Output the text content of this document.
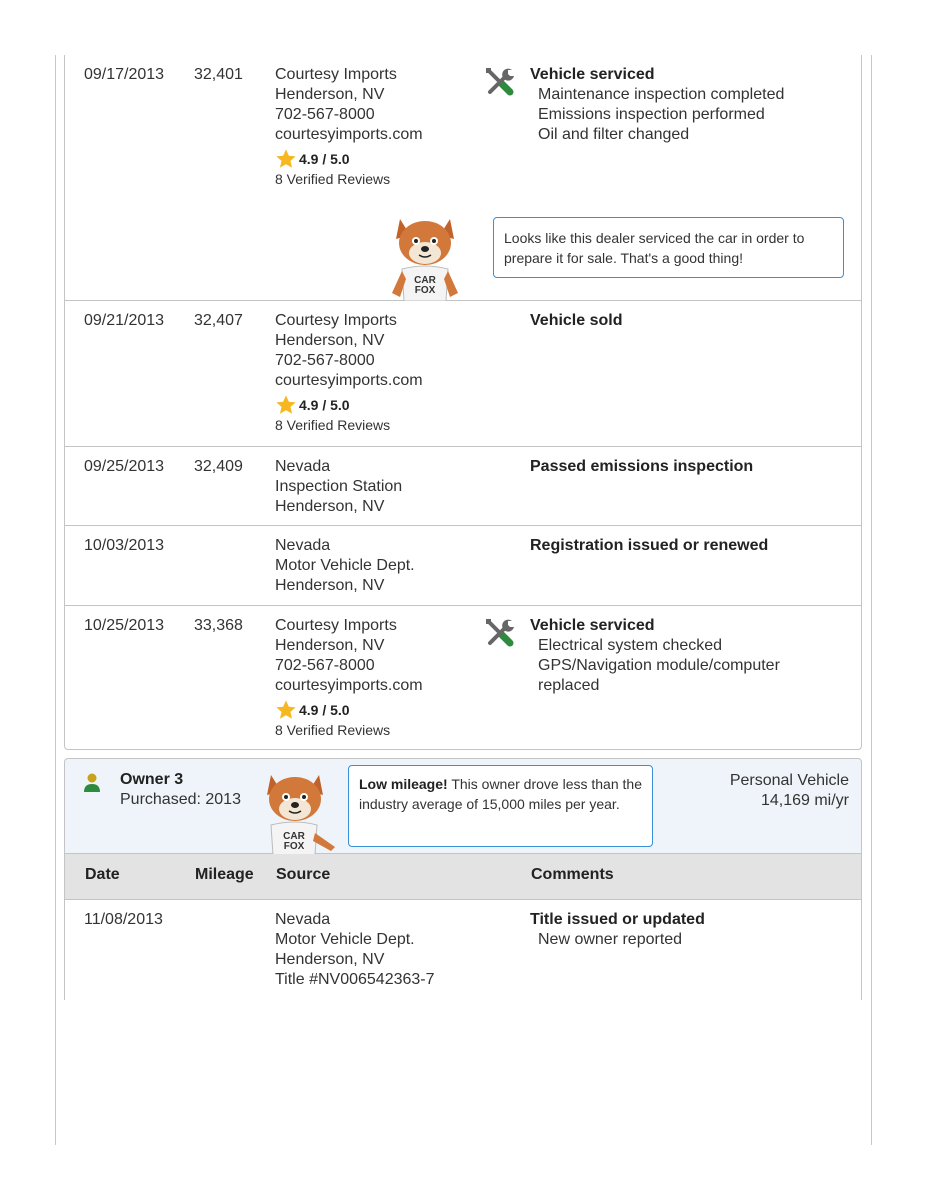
09/17/2013 32,401 Courtesy Imports
Henderson, NV
702-567-8000
courtesyimports.com
4.9 / 5.0
8 Verified Reviews
Vehicle serviced
Maintenance inspection completed
Emissions inspection performed
Oil and filter changed
CAR
FOX
Looks like this dealer serviced the car in order to prepare it for sale. That's a good thing!
09/21/2013 32,407 Courtesy Imports
Henderson, NV
702-567-8000
courtesyimports.com
4.9 / 5.0
8 Verified Reviews
Vehicle sold
09/25/2013 32,409 Nevada
Inspection Station
Henderson, NV
Passed emissions inspection
10/03/2013	Nevada
Motor Vehicle Dept.
Henderson, NV
Registration issued or renewed
10/25/2013 33,368 Courtesy Imports
Henderson, NV
702-567-8000
courtesyimports.com
4.9 / 5.0
8 Verified Reviews
Vehicle serviced
Electrical system checked
GPS/Navigation module/computer
replaced
Owner 3
Purchased: 2013
CAR
FOX
Low mileage! This owner drove less than the industry average of 15,000 miles per year.
Personal Vehicle
14,169 mi/yr
Date	Mileage Source	Comments
11/08/2013	Nevada
Motor Vehicle Dept.
Henderson, NV
Title #NV006542363-7
Title issued or updated
New owner reported
